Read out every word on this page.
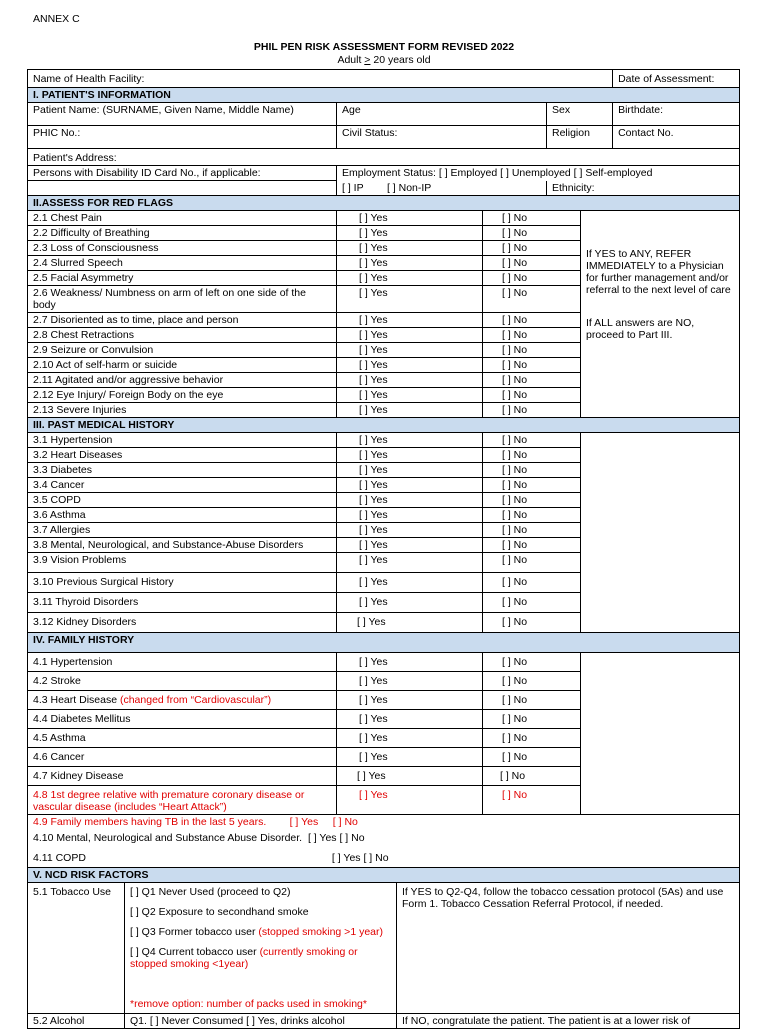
ANNEX C
PHIL PEN RISK ASSESSMENT FORM REVISED 2022
Adult > 20 years old
Name of Health Facility:							Date of Assessment:
I. PATIENT'S INFORMATION							
Patient Name: (SURNAME, Given Name, Middle Name)		Age			Sex		Birthdate:
PHIC No.:		Civil Status:			Religion		Contact No.
Patient's Address:							
Persons with Disability ID Card No., if applicable:		Employment Status: [ ] Employed [ ] Unemployed [ ] Self-employed					
		[ ] IP [ ] Non-IP			Ethnicity:		
II.ASSESS FOR RED FLAGS							
2.1 Chest Pain		[ ] Yes		[ ] No		If YES to ANY, REFER IMMEDIATELY to a Physician for further management and/or referral to the next level of care
If ALL answers are NO, proceed to Part III.	

2.2 Difficulty of Breathing		[ ] Yes		[ ] No			
2.3 Loss of Consciousness		[ ] Yes		[ ] No			
2.4 Slurred Speech		[ ] Yes		[ ] No			
2.5 Facial Asymmetry		[ ] Yes		[ ] No			
2.6 Weakness/ Numbness on arm of left on one side of the body		[ ] Yes		[ ] No			
2.7 Disoriented as to time, place and person		[ ] Yes		[ ] No			
2.8 Chest Retractions		[ ] Yes		[ ] No			
2.9 Seizure or Convulsion		[ ] Yes		[ ] No			
2.10 Act of self-harm or suicide		[ ] Yes		[ ] No			
2.11 Agitated and/or aggressive behavior		[ ] Yes		[ ] No			
2.12 Eye Injury/ Foreign Body on the eye		[ ] Yes		[ ] No			
2.13 Severe Injuries		[ ] Yes		[ ] No			
III. PAST MEDICAL HISTORY							
3.1 Hypertension		[ ] Yes		[ ] No			
3.2 Heart Diseases		[ ] Yes		[ ] No			
3.3 Diabetes		[ ] Yes		[ ] No			
3.4 Cancer		[ ] Yes		[ ] No			
3.5 COPD		[ ] Yes		[ ] No			
3.6 Asthma		[ ] Yes		[ ] No			
3.7 Allergies		[ ] Yes		[ ] No			
3.8 Mental, Neurological, and Substance-Abuse Disorders		[ ] Yes		[ ] No			
3.9 Vision Problems		[ ] Yes		[ ] No			
3.10 Previous Surgical History		[ ] Yes		[ ] No			
3.11 Thyroid Disorders		[ ] Yes		[ ] No			
3.12 Kidney Disorders		[ ] Yes		[ ] No			
IV. FAMILY HISTORY							
4.1 Hypertension		[ ] Yes		[ ] No			
4.2 Stroke		[ ] Yes		[ ] No			
4.3 Heart Disease (changed from “Cardiovascular”)		[ ] Yes		[ ] No			
4.4 Diabetes Mellitus		[ ] Yes		[ ] No			
4.5 Asthma		[ ] Yes		[ ] No			
4.6 Cancer		[ ] Yes		[ ] No			
4.7 Kidney Disease		[ ] Yes		[ ] No			
4.8 1st degree relative with premature coronary disease or vascular disease (includes “Heart Attack”)		[ ] Yes		[ ] No			
4.9 Family members having TB in the last 5 years. [ ] Yes [ ] No							
4.10 Mental, Neurological and Substance Abuse Disorder. [ ] Yes [ ] No							
4.11 COPD [ ] Yes [ ] No							
V. NCD RISK FACTORS							
5.1 Tobacco Use	[ ] Q1 Never Used (proceed to Q2)
[ ] Q2 Exposure to secondhand smoke
[ ] Q3 Former tobacco user (stopped smoking >1 year)
[ ] Q4 Current tobacco user (currently smoking or stopped smoking <1year)
*remove option: number of packs used in smoking*		If YES to Q2-Q4, follow the tobacco cessation protocol (5As) and use Form 1. Tobacco Cessation Referral Protocol, if needed.				
5.2 Alcohol	Q1. [ ] Never Consumed [ ] Yes, drinks alcohol		If NO, congratulate the patient. The patient is at a lower risk of				
